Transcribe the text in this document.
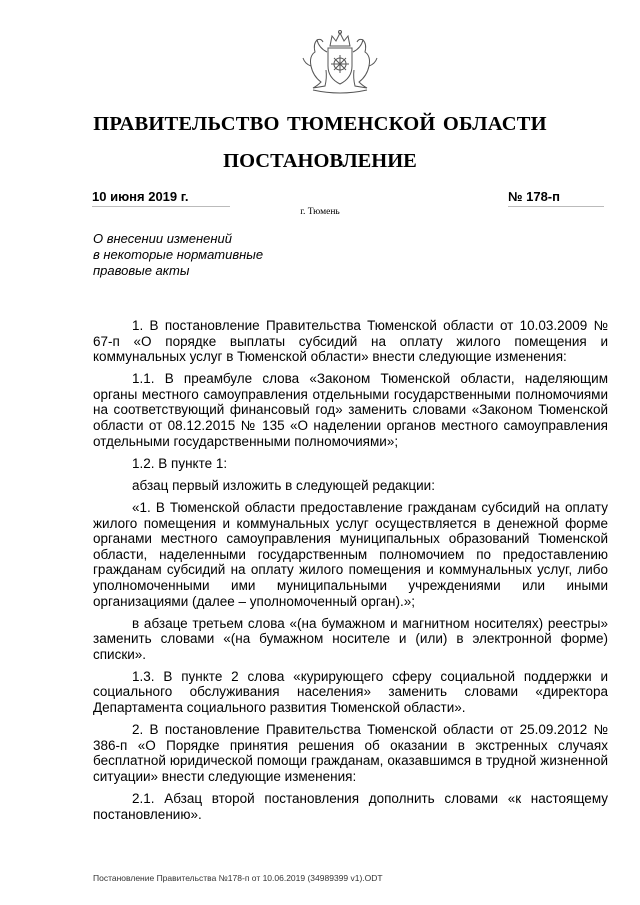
ПРАВИТЕЛЬСТВО ТЮМЕНСКОЙ ОБЛАСТИ
ПОСТАНОВЛЕНИЕ
10 июня 2019 г.	№ 178-п
г. Тюмень
О внесении изменений
в некоторые нормативные
правовые акты

1. В постановление Правительства Тюменской области от 10.03.2009 № 67-п «О порядке выплаты субсидий на оплату жилого помещения и коммунальных услуг в Тюменской области» внести следующие изменения:

1.1. В преамбуле слова «Законом Тюменской области, наделяющим органы местного самоуправления отдельными государственными полномочиями на соответствующий финансовый год» заменить словами «Законом Тюменской области от 08.12.2015 № 135 «О наделении органов местного самоуправления отдельными государственными полномочиями»;

1.2. В пункте 1:

абзац первый изложить в следующей редакции:

«1. В Тюменской области предоставление гражданам субсидий на оплату жилого помещения и коммунальных услуг осуществляется в денежной форме органами местного самоуправления муниципальных образований Тюменской области, наделенными государственным полномочием по предоставлению гражданам субсидий на оплату жилого помещения и коммунальных услуг, либо уполномоченными ими муниципальными учреждениями или иными организациями (далее – уполномоченный орган).»;

в абзаце третьем слова «(на бумажном и магнитном носителях) реестры» заменить словами «(на бумажном носителе и (или) в электронной форме) списки».

1.3. В пункте 2 слова «курирующего сферу социальной поддержки и социального обслуживания населения» заменить словами «директора Департамента социального развития Тюменской области».

2. В постановление Правительства Тюменской области от 25.09.2012 № 386-п «О Порядке принятия решения об оказании в экстренных случаях бесплатной юридической помощи гражданам, оказавшимся в трудной жизненной ситуации» внести следующие изменения:

2.1. Абзац второй постановления дополнить словами «к настоящему постановлению».

Постановление Правительства №178-п от 10.06.2019 (34989399 v1).ODT
